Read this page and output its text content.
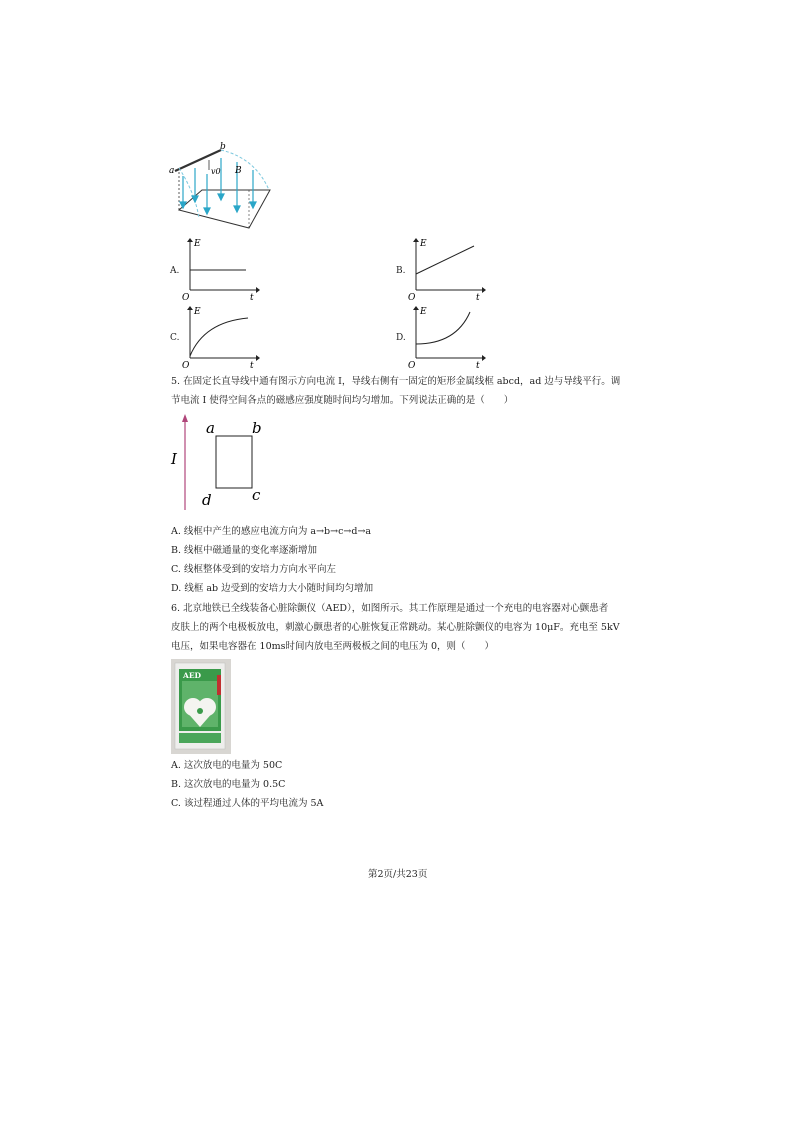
a
b
v0 B
A.
E
O	t
B.
E
O	t
C.
E
O	t
D.
E
O	t
5. 在固定长直导线中通有图示方向电流 I，导线右侧有一固定的矩形金属线框 abcd，ad 边与导线平行。调
节电流 I 使得空间各点的磁感应强度随时间均匀增加。下列说法正确的是（　　）
I
a b
c
d
A. 线框中产生的感应电流方向为 a→b→c→d→a
B. 线框中磁通量的变化率逐渐增加
C. 线框整体受到的安培力方向水平向左
D. 线框 ab 边受到的安培力大小随时间均匀增加
6. 北京地铁已全线装备心脏除颤仪（AED），如图所示。其工作原理是通过一个充电的电容器对心颤患者
皮肤上的两个电极板放电，刺激心颤患者的心脏恢复正常跳动。某心脏除颤仪的电容为 10μF。充电至 5kV
电压，如果电容器在 10ms时间内放电至两极板之间的电压为 0，则（　　）
AED
A. 这次放电的电量为 50C
B. 这次放电的电量为 0.5C
C. 该过程通过人体的平均电流为 5A
第2页/共23页
